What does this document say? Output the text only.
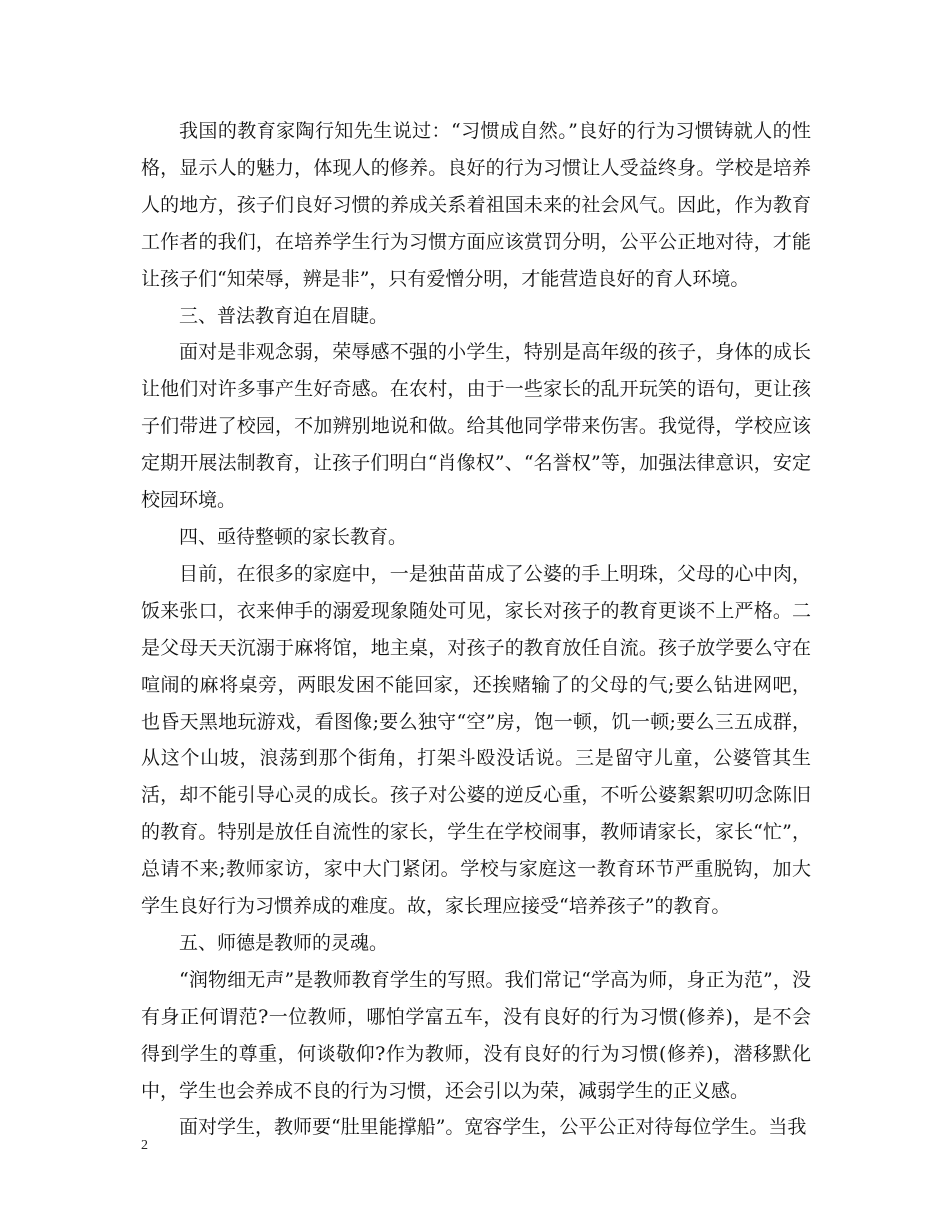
我国的教育家陶行知先生说过：“习惯成自然。”良好的行为习惯铸就人的性格，显示人的魅力，体现人的修养。良好的行为习惯让人受益终身。学校是培养人的地方，孩子们良好习惯的养成关系着祖国未来的社会风气。因此，作为教育工作者的我们，在培养学生行为习惯方面应该赏罚分明，公平公正地对待，才能让孩子们“知荣辱，辨是非”，只有爱憎分明，才能营造良好的育人环境。

三、普法教育迫在眉睫。

面对是非观念弱，荣辱感不强的小学生，特别是高年级的孩子，身体的成长让他们对许多事产生好奇感。在农村，由于一些家长的乱开玩笑的语句，更让孩子们带进了校园，不加辨别地说和做。给其他同学带来伤害。我觉得，学校应该定期开展法制教育，让孩子们明白“肖像权”、“名誉权”等，加强法律意识，安定校园环境。

四、亟待整顿的家长教育。

目前，在很多的家庭中，一是独苗苗成了公婆的手上明珠，父母的心中肉，饭来张口，衣来伸手的溺爱现象随处可见，家长对孩子的教育更谈不上严格。二是父母天天沉溺于麻将馆，地主桌，对孩子的教育放任自流。孩子放学要么守在喧闹的麻将桌旁，两眼发困不能回家，还挨赌输了的父母的气;要么钻进网吧，也昏天黑地玩游戏，看图像;要么独守“空”房，饱一顿，饥一顿;要么三五成群，从这个山坡，浪荡到那个街角，打架斗殴没话说。三是留守儿童，公婆管其生活，却不能引导心灵的成长。孩子对公婆的逆反心重，不听公婆絮絮叨叨念陈旧的教育。特别是放任自流性的家长，学生在学校闹事，教师请家长，家长“忙”，总请不来;教师家访，家中大门紧闭。学校与家庭这一教育环节严重脱钩，加大学生良好行为习惯养成的难度。故，家长理应接受“培养孩子”的教育。

五、师德是教师的灵魂。

“润物细无声”是教师教育学生的写照。我们常记“学高为师，身正为范”，没有身正何谓范?一位教师，哪怕学富五车，没有良好的行为习惯(修养)，是不会得到学生的尊重，何谈敬仰?作为教师，没有良好的行为习惯(修养)，潜移默化中，学生也会养成不良的行为习惯，还会引以为荣，减弱学生的正义感。

面对学生，教师要“肚里能撑船”。宽容学生，公平公正对待每位学生。当我

2
